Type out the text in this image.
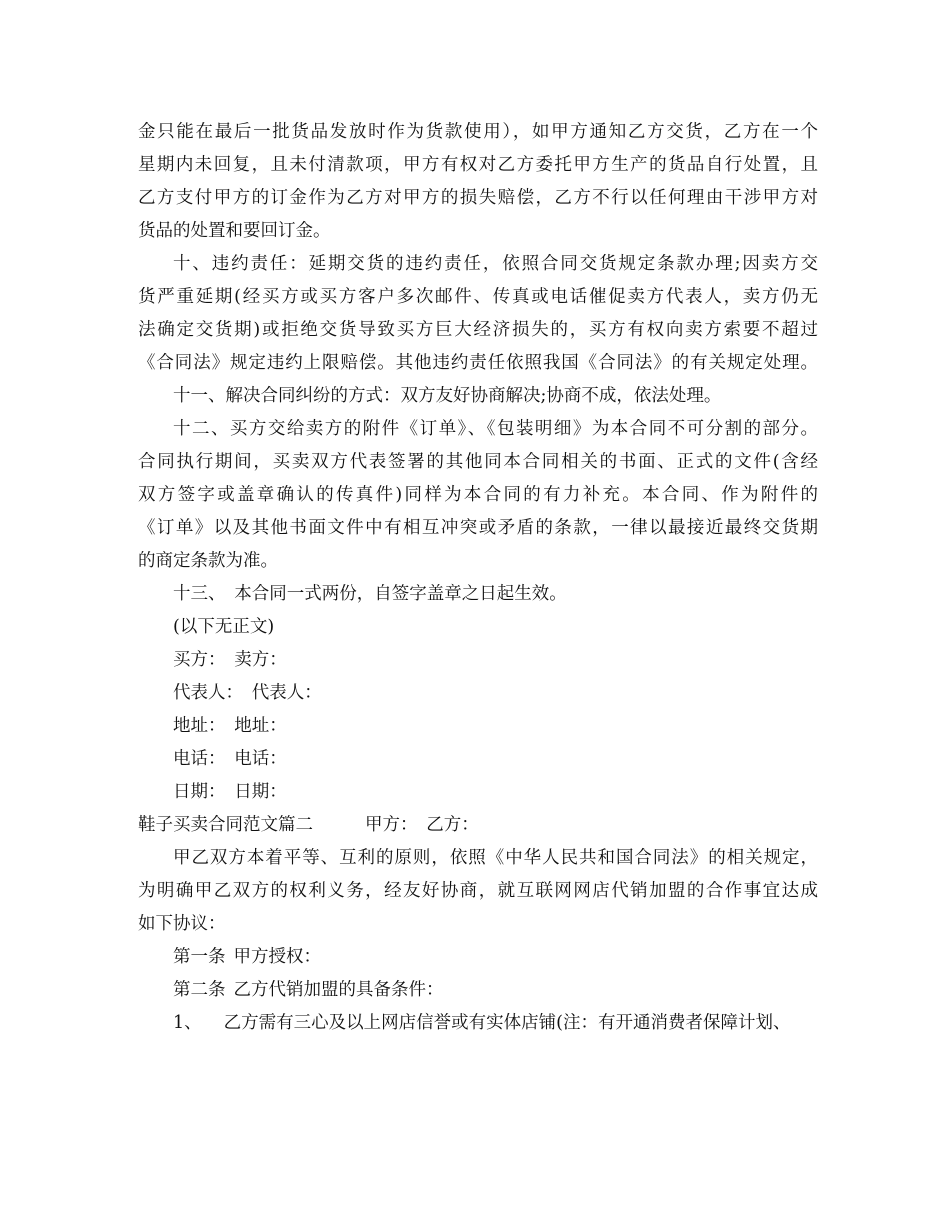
金只能在最后一批货品发放时作为货款使用），如甲方通知乙方交货，乙方在一个
星期内未回复，且未付清款项，甲方有权对乙方委托甲方生产的货品自行处置，且
乙方支付甲方的订金作为乙方对甲方的损失赔偿，乙方不行以任何理由干涉甲方对
货品的处置和要回订金。
十、违约责任：延期交货的违约责任，依照合同交货规定条款办理;因卖方交
货严重延期(经买方或买方客户多次邮件、传真或电话催促卖方代表人，卖方仍无
法确定交货期)或拒绝交货导致买方巨大经济损失的，买方有权向卖方索要不超过
《合同法》规定违约上限赔偿。其他违约责任依照我国《合同法》的有关规定处理。
十一、解决合同纠纷的方式：双方友好协商解决;协商不成，依法处理。
十二、买方交给卖方的附件《订单》、《包装明细》为本合同不可分割的部分。
合同执行期间，买卖双方代表签署的其他同本合同相关的书面、正式的文件(含经
双方签字或盖章确认的传真件)同样为本合同的有力补充。本合同、作为附件的
《订单》以及其他书面文件中有相互冲突或矛盾的条款，一律以最接近最终交货期
的商定条款为准。
十三、　本合同一式两份，自签字盖章之日起生效。
(以下无正文)
买方：　卖方：
代表人：　代表人：
地址：　地址：
电话：　电话：
日期：　日期：
鞋子买卖合同范文篇二	甲方：　乙方：
甲乙双方本着平等、互利的原则，依照《中华人民共和国合同法》的相关规定，
为明确甲乙双方的权利义务，经友好协商，就互联网网店代销加盟的合作事宜达成
如下协议：
第一条 甲方授权：
第二条 乙方代销加盟的具备条件：
1、 乙方需有三心及以上网店信誉或有实体店铺(注：有开通消费者保障计划、
